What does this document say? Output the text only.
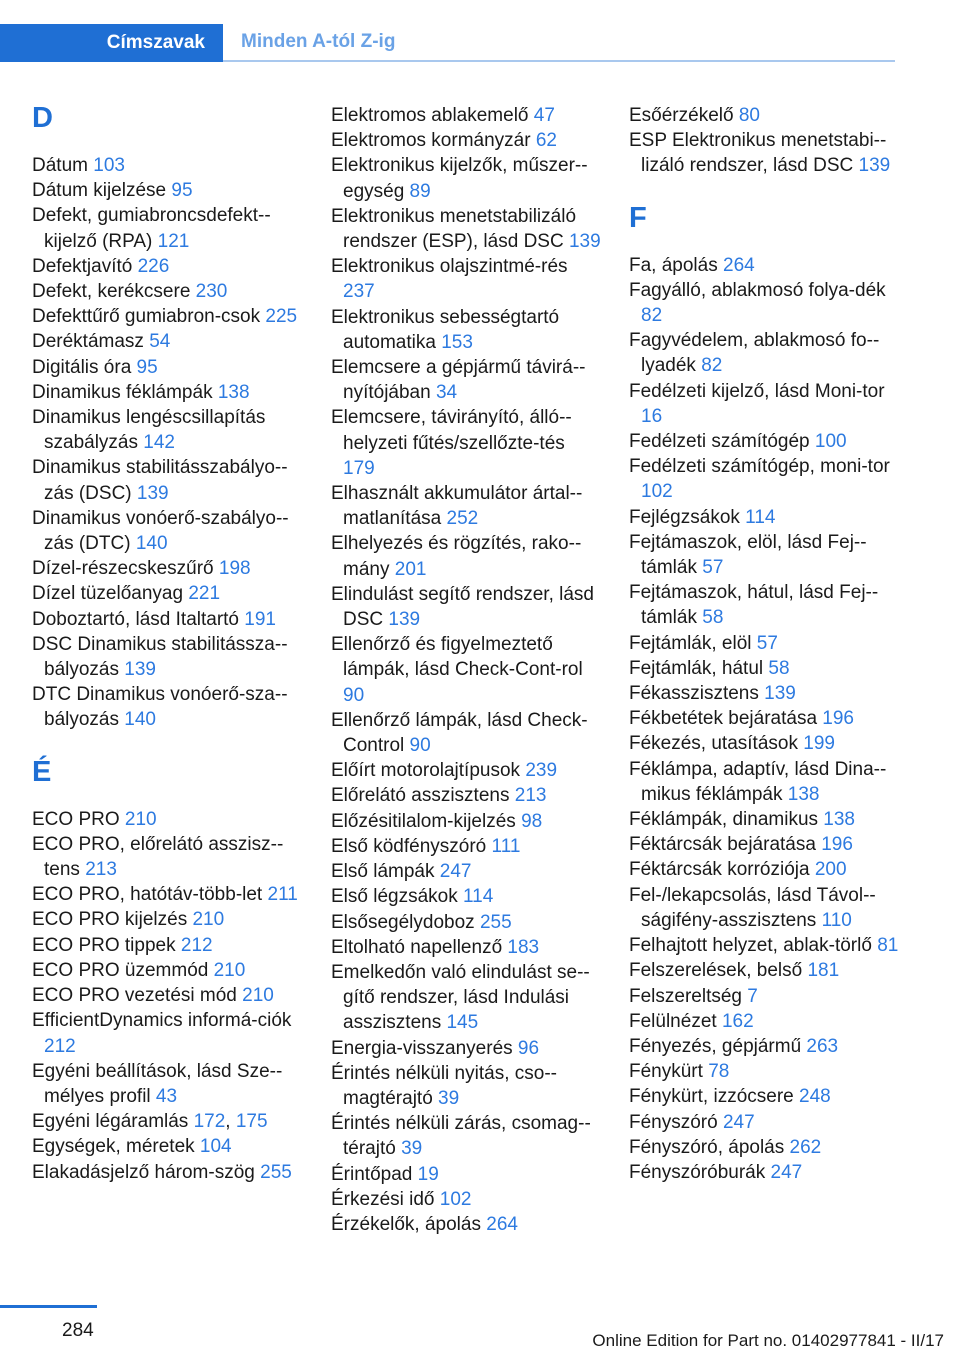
Címszavak	Minden A-tól Z-ig
D
Dátum 103
Dátum kijelzése 95
Defekt, gumiabroncsdefekt-kijelző (RPA) 121
Defektjavító 226
Defekt, kerékcsere 230
Defekttűrő gumiabron-csok 225
Deréktámasz 54
Digitális óra 95
Dinamikus féklámpák 138
Dinamikus lengéscsillapítás szabályzás 142
Dinamikus stabilitásszabályo-zás (DSC) 139
Dinamikus vonóerő-szabályo-zás (DTC) 140
Dízel-részecskeszűrő 198
Dízel tüzelőanyag 221
Doboztartó, lásd Italtartó 191
DSC Dinamikus stabilitássza-bályozás 139
DTC Dinamikus vonóerő-sza-bályozás 140
É
ECO PRO 210
ECO PRO, előrelátó asszisz-tens 213
ECO PRO, hatótáv-több-let 211
ECO PRO kijelzés 210
ECO PRO tippek 212
ECO PRO üzemmód 210
ECO PRO vezetési mód 210
EfficientDynamics informá-ciók 212
Egyéni beállítások, lásd Sze-mélyes profil 43
Egyéni légáramlás 172, 175
Egységek, méretek 104
Elakadásjelző három-szög 255
Elektromos ablakemelő 47
Elektromos kormányzár 62
Elektronikus kijelzők, műszer-egység 89
Elektronikus menetstabilizáló rendszer (ESP), lásd DSC 139
Elektronikus olajszintmé-rés 237
Elektronikus sebességtartó automatika 153
Elemcsere a gépjármű távirá-nyítójában 34
Elemcsere, távirányító, álló-helyzeti fűtés/szellőzte-tés 179
Elhasznált akkumulátor ártal-matlanítása 252
Elhelyezés és rögzítés, rako-mány 201
Elindulást segítő rendszer, lásd DSC 139
Ellenőrző és figyelmeztető lámpák, lásd Check-Cont-rol 90
Ellenőrző lámpák, lásd Check-Control 90
Előírt motorolajtípusok 239
Előrelátó asszisztens 213
Előzésitilalom-kijelzés 98
Első ködfényszóró 111
Első lámpák 247
Első légzsákok 114
Elsősegélydoboz 255
Eltolható napellenző 183
Emelkedőn való elindulást se-gítő rendszer, lásd Indulási asszisztens 145
Energia-visszanyerés 96
Érintés nélküli nyitás, cso-magtérajtó 39
Érintés nélküli zárás, csomag-térajtó 39
Érintőpad 19
Érkezési idő 102
Érzékelők, ápolás 264
Esőérzékelő 80
ESP Elektronikus menetstabi-lizáló rendszer, lásd DSC 139
F
Fa, ápolás 264
Fagyálló, ablakmosó folya-dék 82
Fagyvédelem, ablakmosó fo-lyadék 82
Fedélzeti kijelző, lásd Moni-tor 16
Fedélzeti számítógép 100
Fedélzeti számítógép, moni-tor 102
Fejlégzsákok 114
Fejtámaszok, elöl, lásd Fej-támlák 57
Fejtámaszok, hátul, lásd Fej-támlák 58
Fejtámlák, elöl 57
Fejtámlák, hátul 58
Fékasszisztens 139
Fékbetétek bejáratása 196
Fékezés, utasítások 199
Féklámpa, adaptív, lásd Dina-mikus féklámpák 138
Féklámpák, dinamikus 138
Féktárcsák bejáratása 196
Féktárcsák korróziója 200
Fel-/lekapcsolás, lásd Távol-ságifény-asszisztens 110
Felhajtott helyzet, ablak-törlő 81
Felszerelések, belső 181
Felszereltség 7
Felülnézet 162
Fényezés, gépjármű 263
Fénykürt 78
Fénykürt, izzócsere 248
Fényszóró 247
Fényszóró, ápolás 262
Fényszóróburák 247
284	Online Edition for Part no. 01402977841 - II/17
